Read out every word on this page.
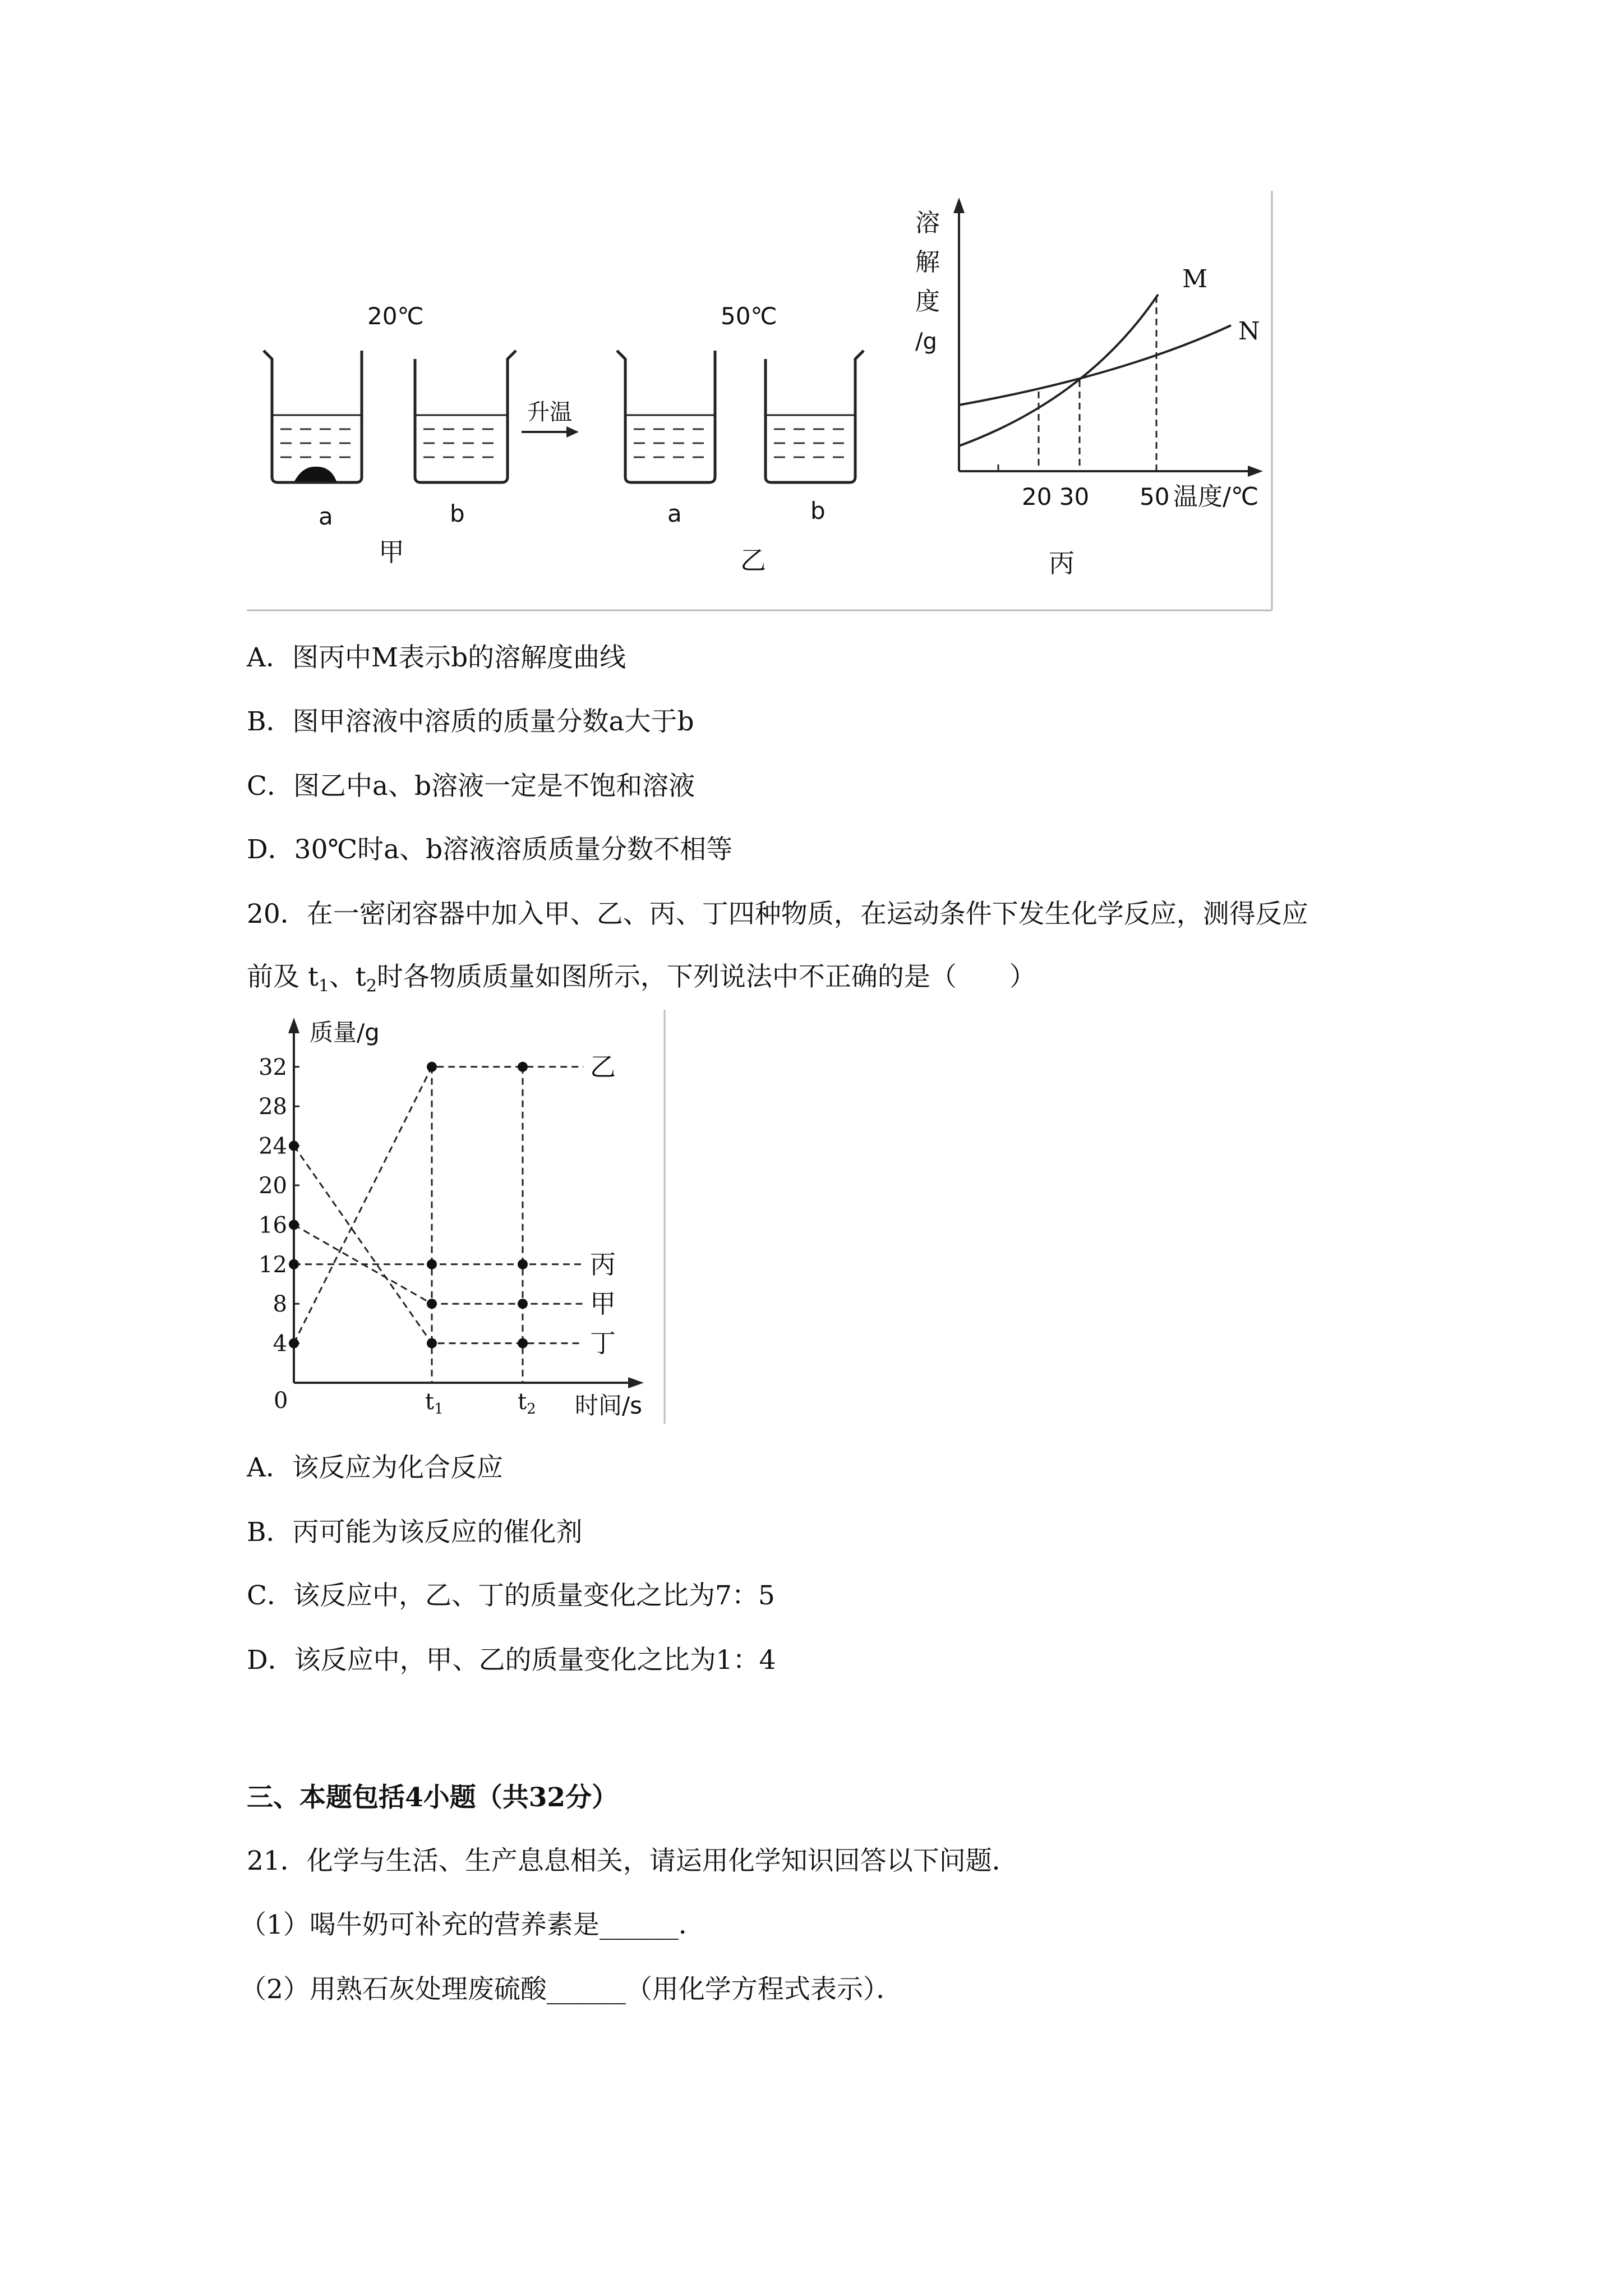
升温
20℃	50℃
a	b	a	b
甲	乙	丙
溶
解
度
/g
M
N
20 30 50 温度/℃
A．图丙中M表示b的溶解度曲线
B．图甲溶液中溶质的质量分数a大于b
C．图乙中a、b溶液一定是不饱和溶液
D．30℃时a、b溶液溶质质量分数不相等
20．在一密闭容器中加入甲、乙、丙、丁四种物质，在运动条件下发生化学反应，测得反应
前及 $t_1$、$t_2$时各物质质量如图所示，下列说法中不正确的是（　　）
4
8
12
16
20
24
28
32	乙
丙
甲
丁
质量/g
时间/s
0	$t_1$	$t_2$
A．该反应为化合反应
B．丙可能为该反应的催化剂
C．该反应中，乙、丁的质量变化之比为7：5
D．该反应中，甲、乙的质量变化之比为1：4
三、本题包括4小题（共32分）
21．化学与生活、生产息息相关，请运用化学知识回答以下问题．
（1）喝牛奶可补充的营养素是______．
（2）用熟石灰处理废硫酸______（用化学方程式表示）．
